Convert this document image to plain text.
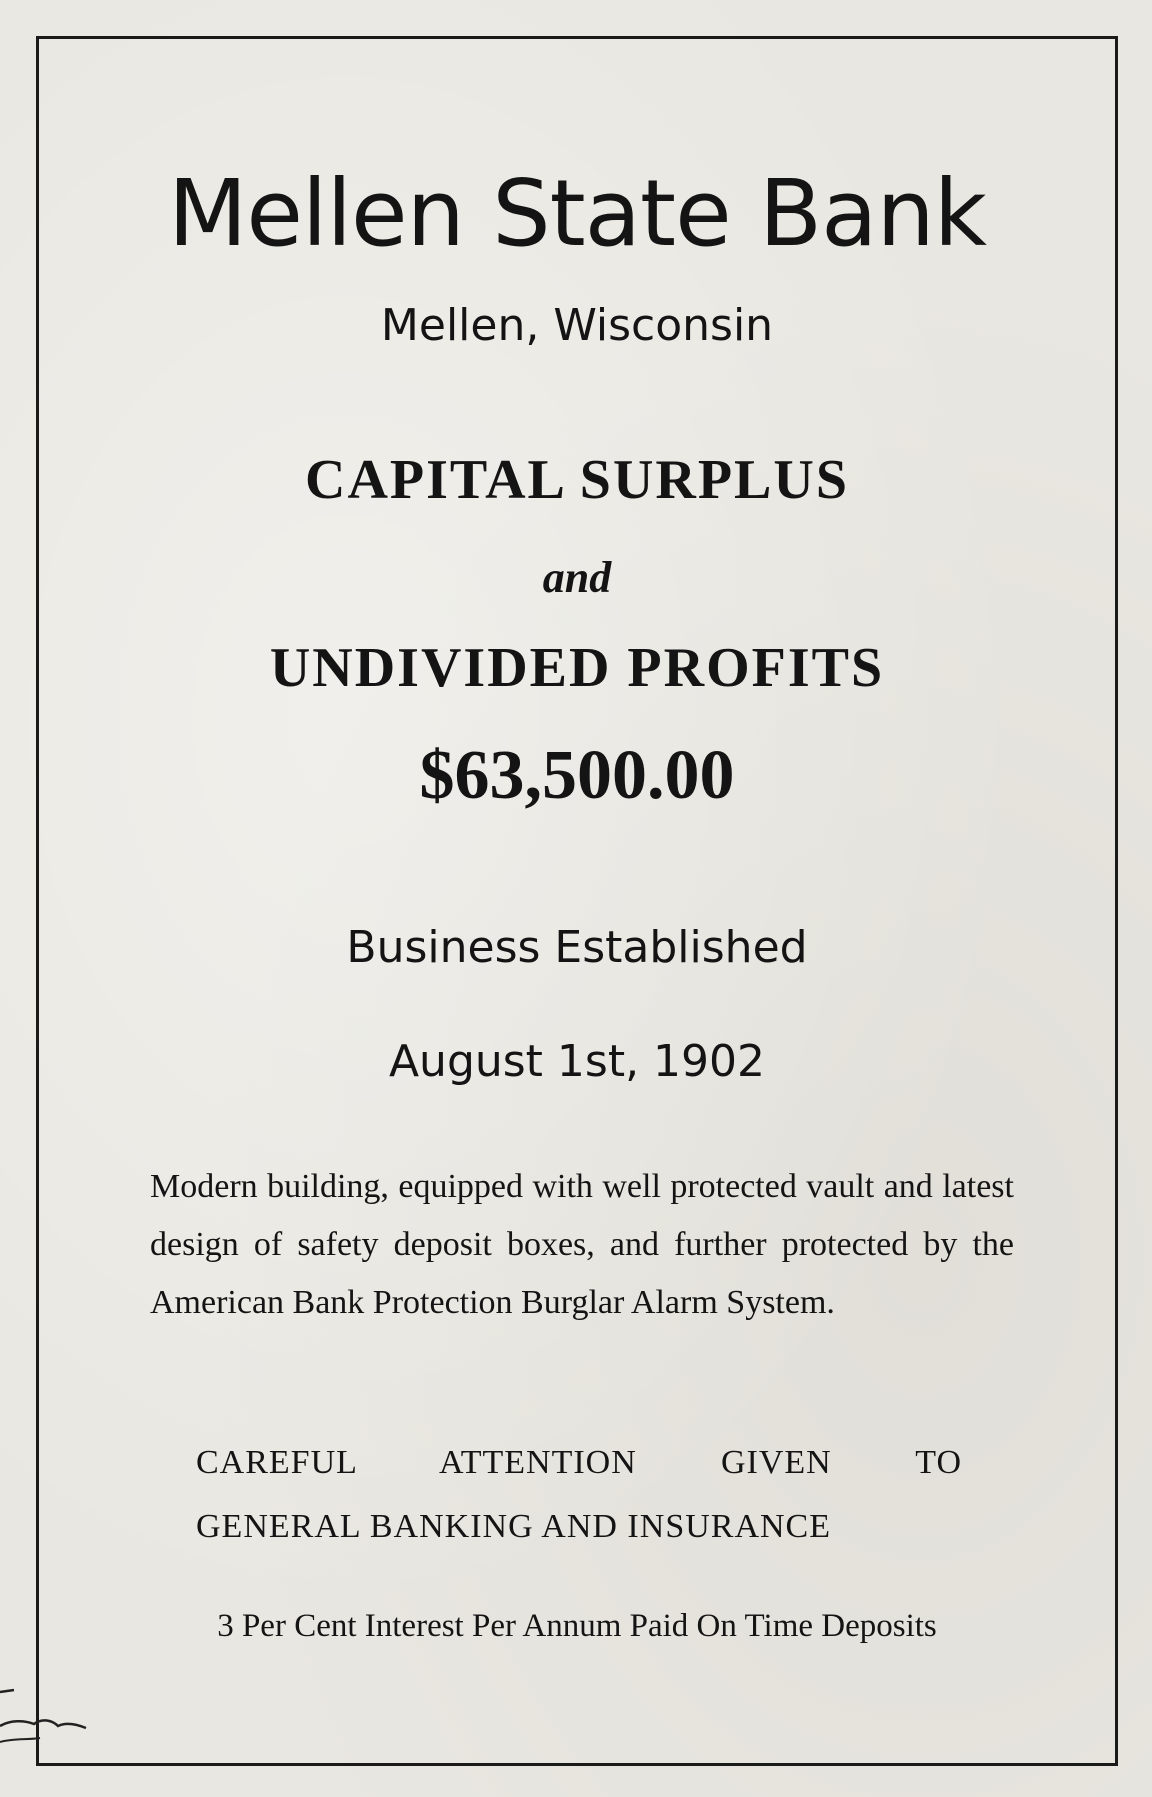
Mellen State Bank
Mellen, Wisconsin
CAPITAL SURPLUS
and
UNDIVIDED PROFITS
$63,500.00
Business Established
August 1st, 1902
Modern building, equipped with well protected vault and latest design of safety deposit boxes, and further protected by the American Bank Protection Burglar Alarm System.
CAREFUL ATTENTION GIVEN TO
GENERAL BANKING AND INSURANCE
3 Per Cent Interest Per Annum Paid On Time Deposits
